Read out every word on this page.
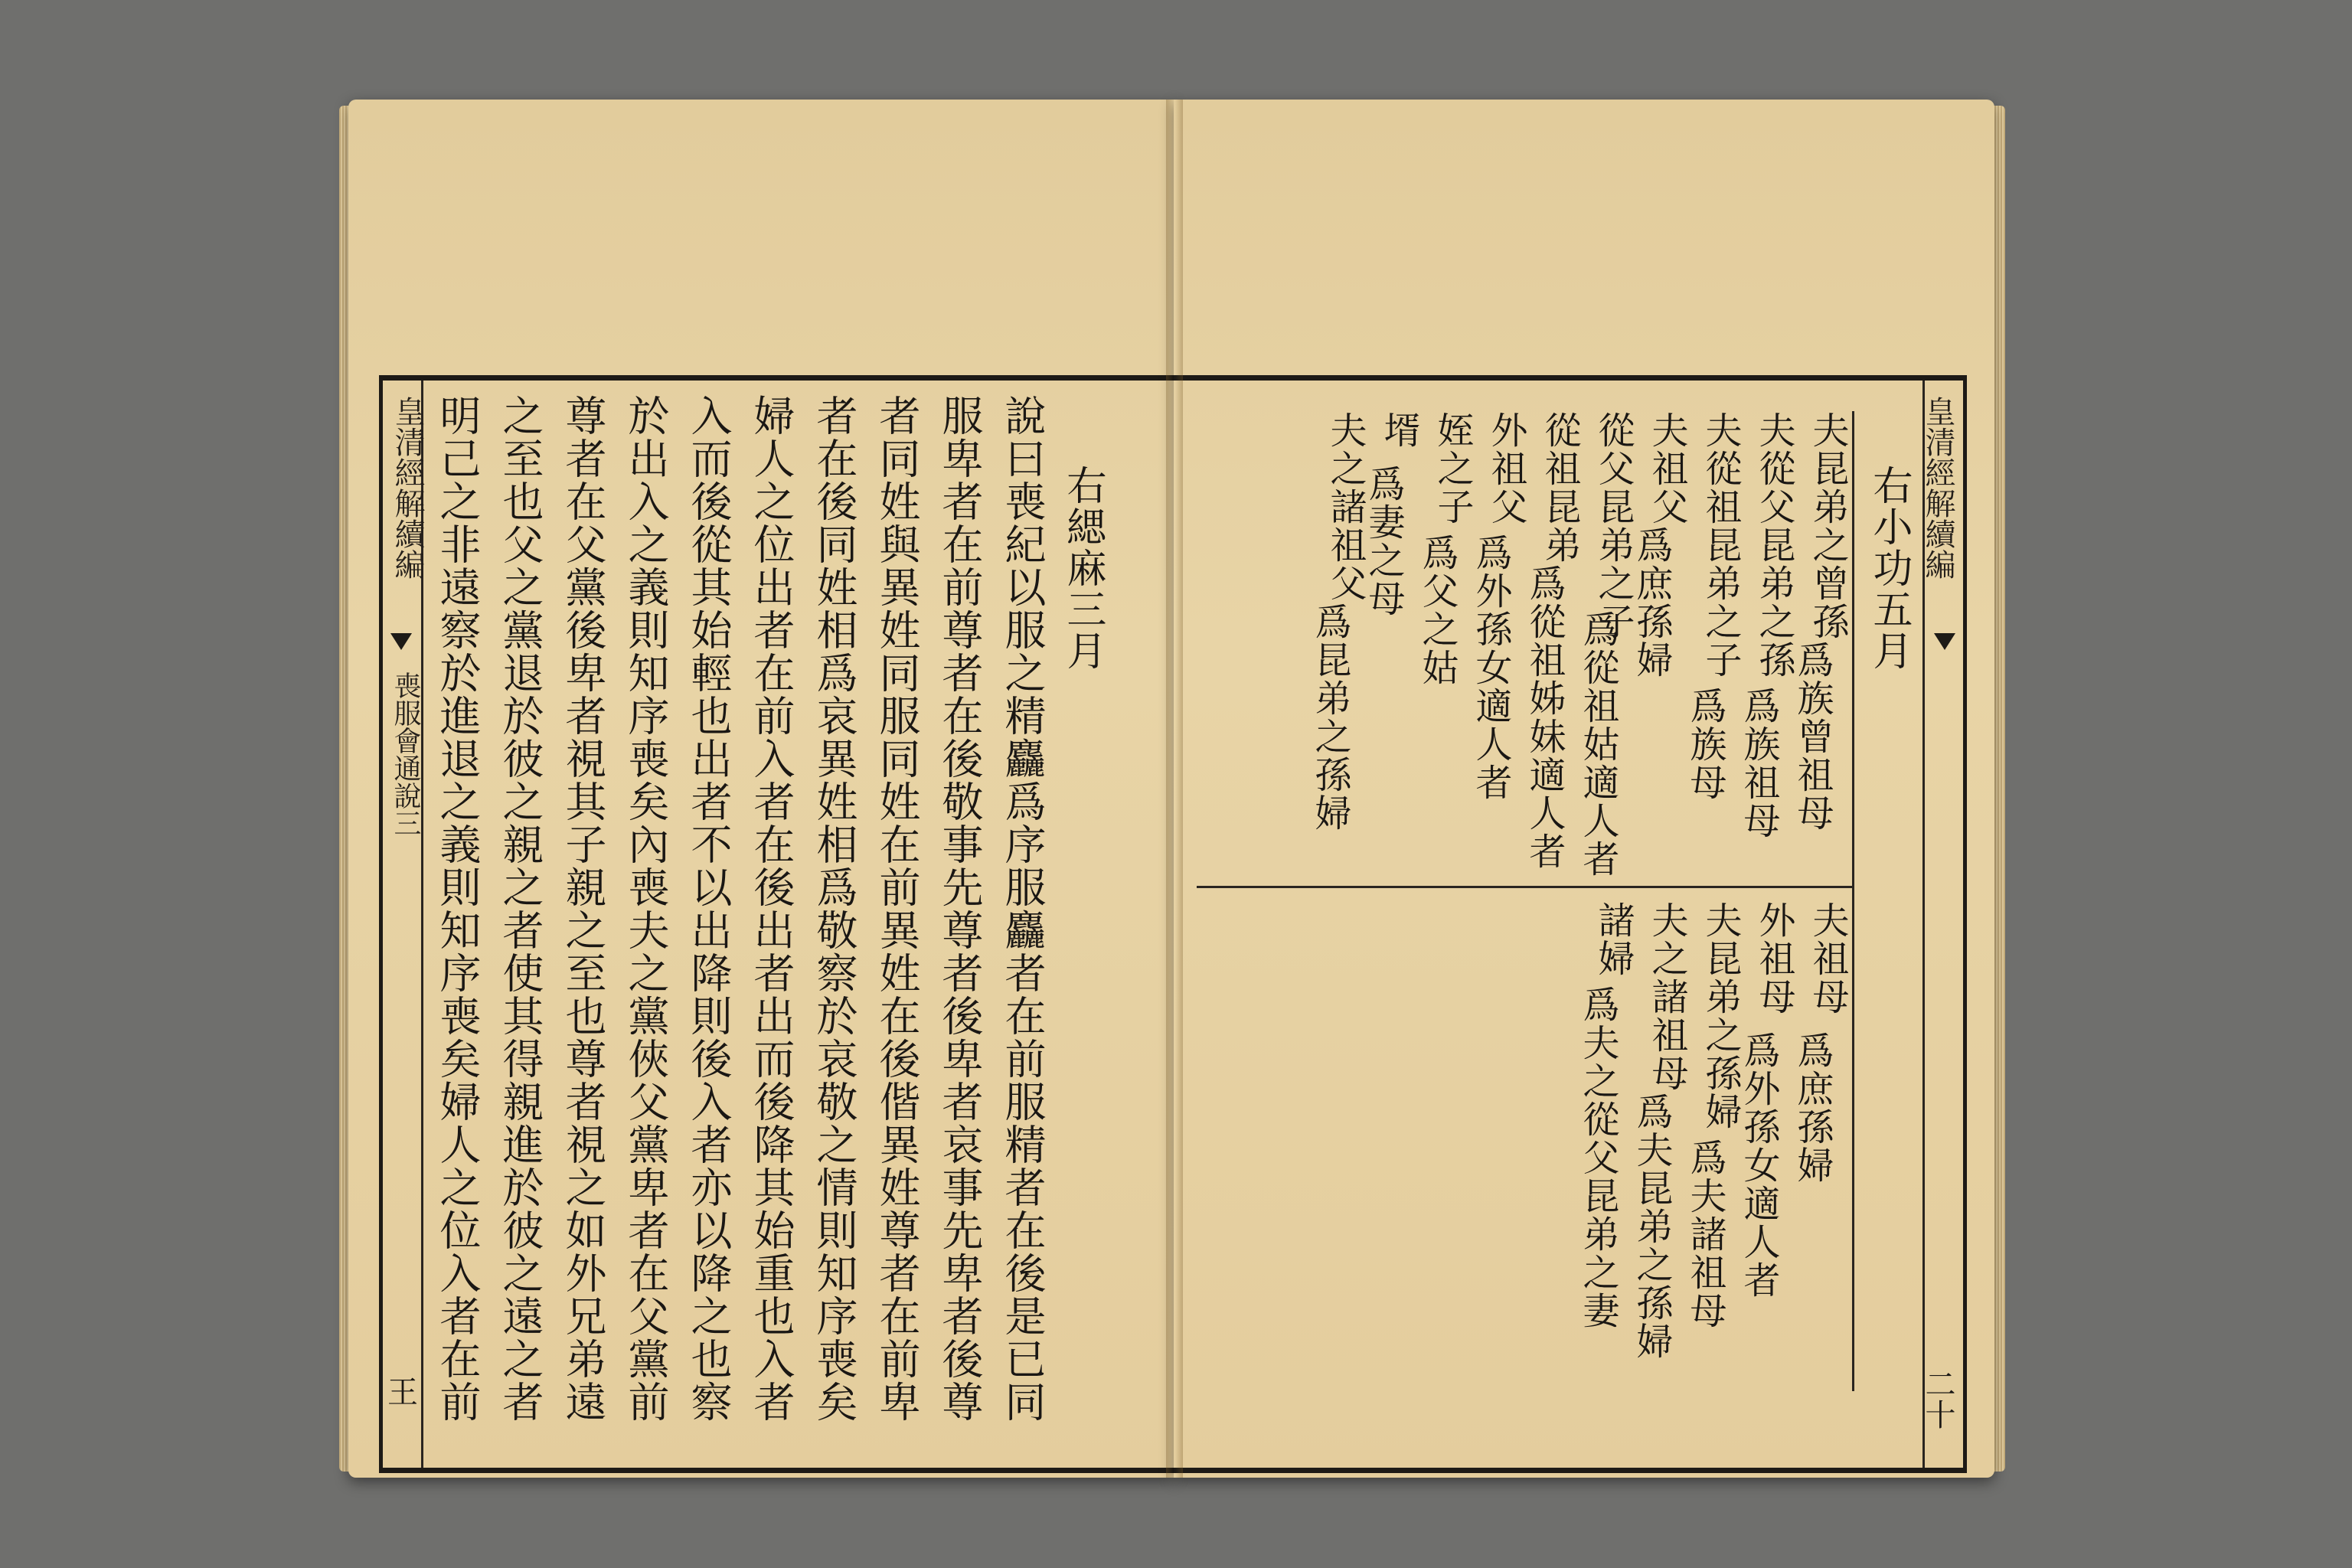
皇清經解續編
喪服會通說三
王
右緦麻三月
說曰喪紀以服之精麤爲序服麤者在前服精者在後是已同
服卑者在前尊者在後敬事先尊者後卑者哀事先卑者後尊
者同姓與異姓同服同姓在前異姓在後偕異姓尊者在前卑
者在後同姓相爲哀異姓相爲敬察於哀敬之情則知序喪矣
婦人之位出者在前入者在後出者出而後降其始重也入者
入而後從其始輕也出者不以出降則後入者亦以降之也察
於出入之義則知序喪矣內喪夫之黨俠父黨卑者在父黨前
尊者在父黨後卑者視其子親之至也尊者視之如外兄弟遠
之至也父之黨退於彼之親之者使其得親進於彼之遠之者
明己之非遠察於進退之義則知序喪矣婦人之位入者在前	皇清經解續編
二十
右小功五月
夫昆弟之曾孫
爲族曾祖母
夫從父昆弟之孫
爲族祖母
夫從祖昆弟之子
爲族母
夫祖父
爲庶孫婦
從父昆弟之子
爲從祖姑適人者
從祖昆弟
爲從祖姊妹適人者
外祖父
爲外孫女適人者
姪之子
爲父之姑
壻
爲妻之母
夫之諸祖父
爲昆弟之孫婦
夫祖母
爲庶孫婦
外祖母
爲外孫女適人者
夫昆弟之孫婦
爲夫諸祖母
夫之諸祖母
爲夫昆弟之孫婦
諸婦
爲夫之從父昆弟之妻
